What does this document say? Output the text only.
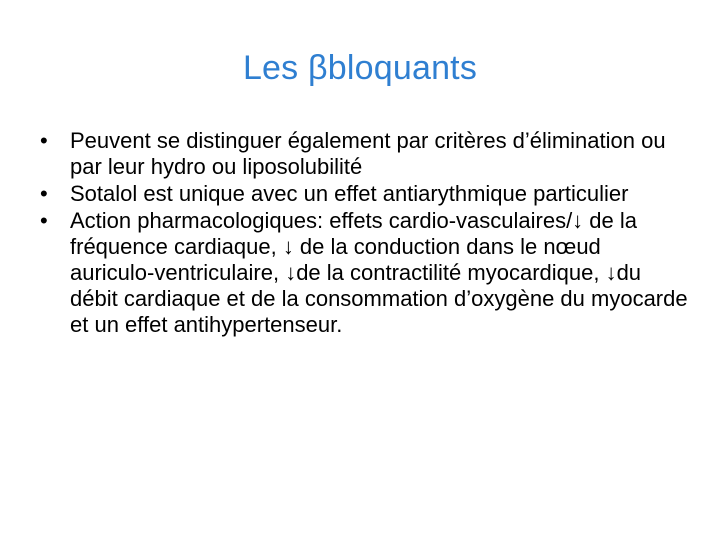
Les βbloquants
•	Peuvent se distinguer également par critères d’élimination ou par leur hydro ou liposolubilité
•	Sotalol est unique avec un effet antiarythmique particulier
•	Action pharmacologiques: effets cardio-vasculaires/↓ de la fréquence cardiaque, ↓ de la conduction dans le nœud auriculo-ventriculaire, ↓de la contractilité myocardique, ↓du débit cardiaque et de la consommation d’oxygène du myocarde et un effet antihypertenseur.
